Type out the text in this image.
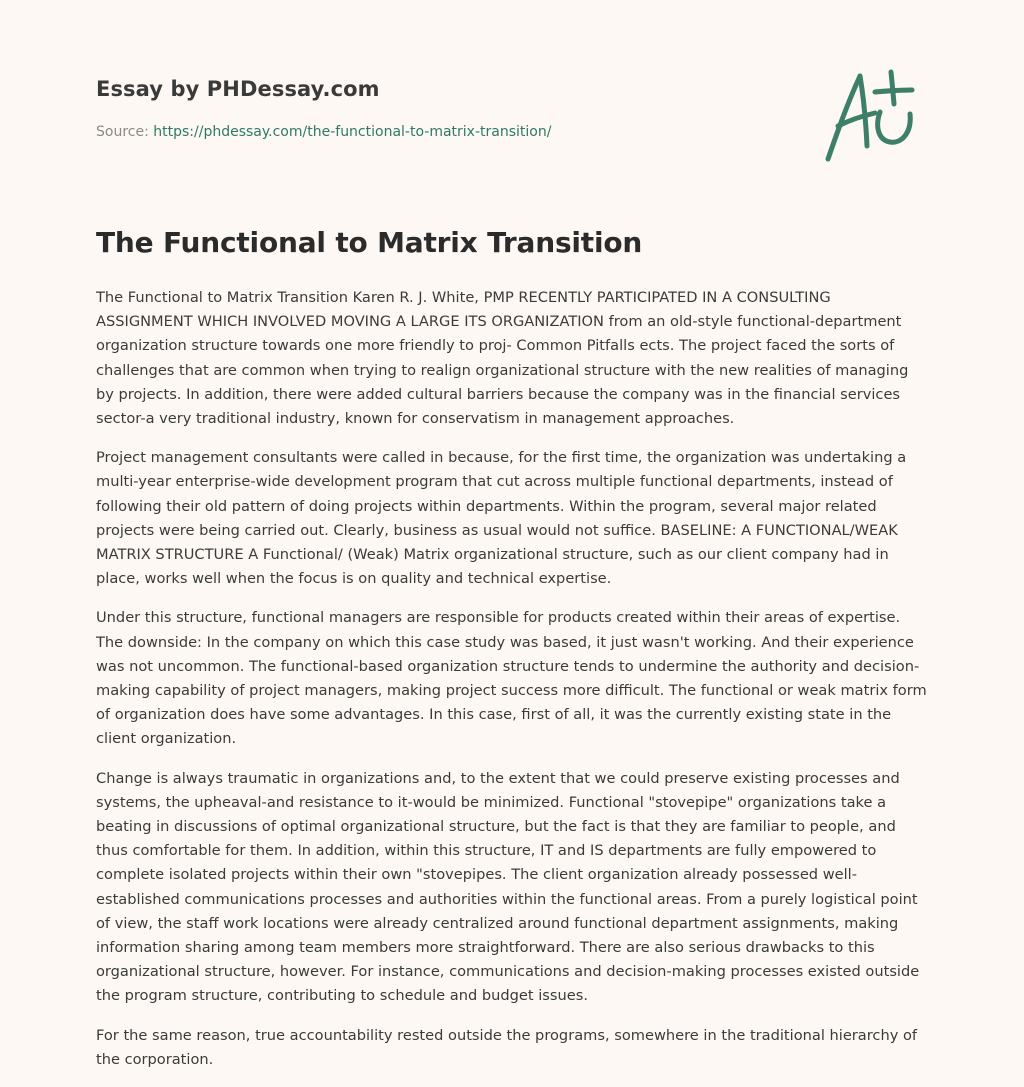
Essay by PHDessay.com
Source: https://phdessay.com/the-functional-to-matrix-transition/
The Functional to Matrix Transition

The Functional to Matrix Transition Karen R. J. White, PMP RECENTLY PARTICIPATED IN A CONSULTING ASSIGNMENT WHICH INVOLVED MOVING A LARGE ITS ORGANIZATION from an old-style functional-department organization structure towards one more friendly to proj- Common Pitfalls ects. The project faced the sorts of challenges that are common when trying to realign organizational structure with the new realities of managing by projects. In addition, there were added cultural barriers because the company was in the financial services sector-a very traditional industry, known for conservatism in management approaches.

Project management consultants were called in because, for the first time, the organization was undertaking a multi-year enterprise-wide development program that cut across multiple functional departments, instead of following their old pattern of doing projects within departments. Within the program, several major related projects were being carried out. Clearly, business as usual would not suffice. BASELINE: A FUNCTIONAL/WEAK MATRIX STRUCTURE A Functional/ (Weak) Matrix organizational structure, such as our client company had in place, works well when the focus is on quality and technical expertise.

Under this structure, functional managers are responsible for products created within their areas of expertise. The downside: In the company on which this case study was based, it just wasn't working. And their experience was not uncommon. The functional-based organization structure tends to undermine the authority and decision-making capability of project managers, making project success more difficult. The functional or weak matrix form of organization does have some advantages. In this case, first of all, it was the currently existing state in the client organization.

Change is always traumatic in organizations and, to the extent that we could preserve existing processes and systems, the upheaval-and resistance to it-would be minimized. Functional "stovepipe" organizations take a beating in discussions of optimal organizational structure, but the fact is that they are familiar to people, and thus comfortable for them. In addition, within this structure, IT and IS departments are fully empowered to complete isolated projects within their own "stovepipes. The client organization already possessed well-established communications processes and authorities within the functional areas. From a purely logistical point of view, the staff work locations were already centralized around functional department assignments, making information sharing among team members more straightforward. There are also serious drawbacks to this organizational structure, however. For instance, communications and decision-making processes existed outside the program structure, contributing to schedule and budget issues.

For the same reason, true accountability rested outside the programs, somewhere in the traditional hierarchy of the corporation.
